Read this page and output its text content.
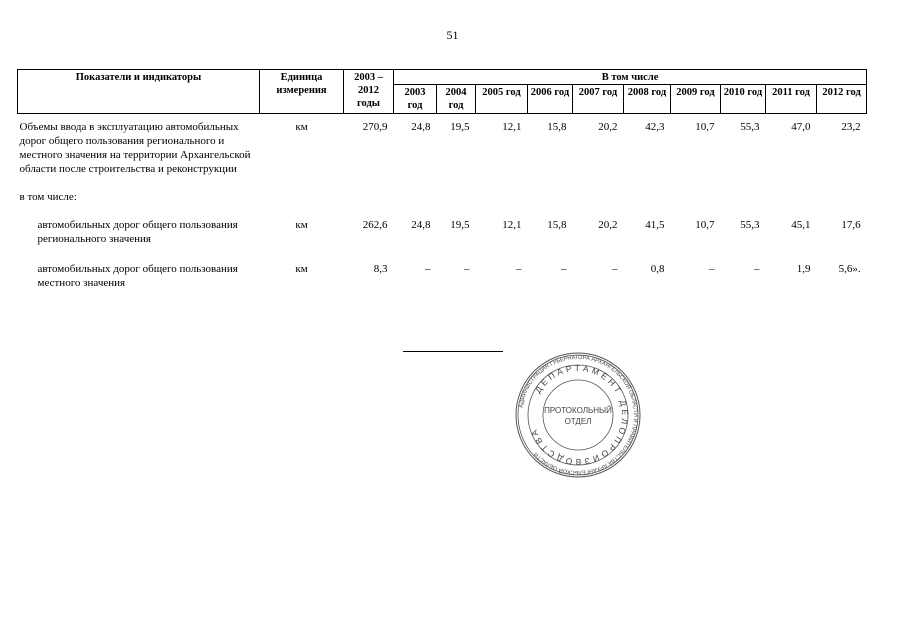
51
Показатели и индикаторы	Единица измерения	2003 – 2012 годы	В том числе									
			2003 год	2004 год	2005 год	2006 год	2007 год	2008 год	2009 год	2010 год	2011 год	2012 год
Объемы ввода в эксплуатацию автомобильных дорог общего пользования регионального и местного значения на территории Архангельской области после строительства и реконструкции	км	270,9	24,8	19,5	12,1	15,8	20,2	42,3	10,7	55,3	47,0	23,2
в том числе:												
автомобильных дорог общего пользования регионального значения	км	262,6	24,8	19,5	12,1	15,8	20,2	41,5	10,7	55,3	45,1	17,6
автомобильных дорог общего пользования местного значения	км	8,3	–	–	–	–	–	0,8	–	–	1,9	5,6».
АДМИНИСТРАЦИЯ ГУБЕРНАТОРА АРХАНГЕЛЬСКОЙ ОБЛАСТИ И ПРАВИТЕЛЬСТВА АРХАНГЕЛЬСКОЙ ОБЛАСТИ
ДЕПАРТАМЕНТ ДЕЛОПРОИЗВОДСТВА
ПРОТОКОЛЬНЫЙ
ОТДЕЛ
